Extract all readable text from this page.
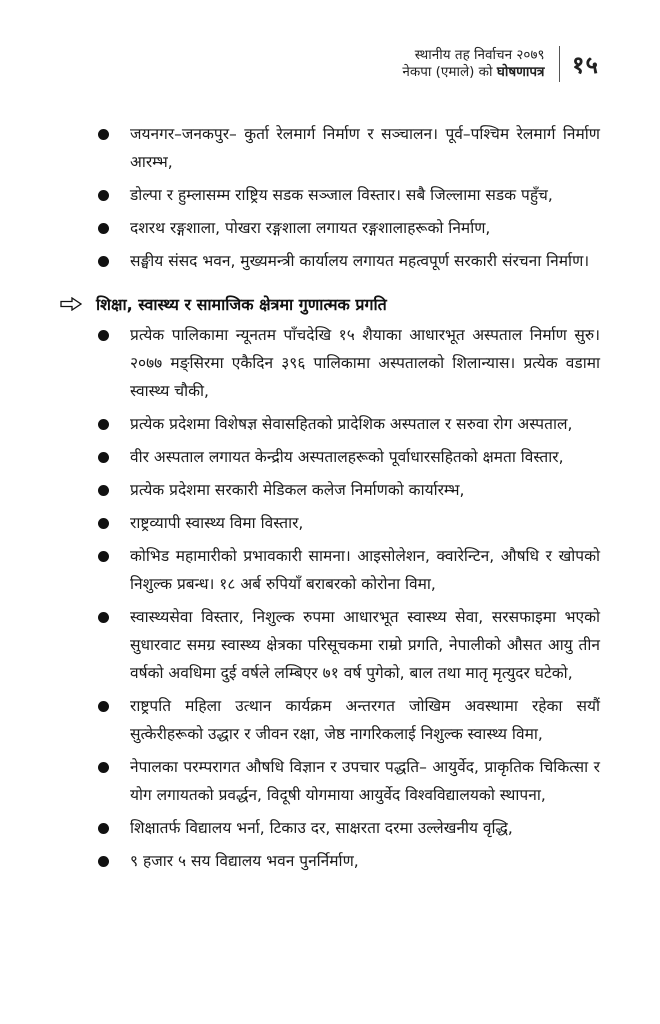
स्थानीय तह निर्वाचन २०७९
नेकपा (एमाले) को घोषणापत्र १५
जयनगर–जनकपुर– कुर्ता रेलमार्ग निर्माण र सञ्चालन। पूर्व–पश्चिम रेलमार्ग निर्माण आरम्भ,
डोल्पा र हुम्लासम्म राष्ट्रिय सडक सञ्जाल विस्तार। सबै जिल्लामा सडक पहुँच,
दशरथ रङ्गशाला, पोखरा रङ्गशाला लगायत रङ्गशालाहरूको निर्माण,
सङ्घीय संसद भवन, मुख्यमन्त्री कार्यालय लगायत महत्वपूर्ण सरकारी संरचना निर्माण।
शिक्षा, स्वास्थ्य र सामाजिक क्षेत्रमा गुणात्मक प्रगति
प्रत्येक पालिकामा न्यूनतम पाँचदेखि १५ शैयाका आधारभूत अस्पताल निर्माण सुरु। २०७७ मङ्सिरमा एकैदिन ३९६ पालिकामा अस्पतालको शिलान्यास। प्रत्येक वडामा स्वास्थ्य चौकी,
प्रत्येक प्रदेशमा विशेषज्ञ सेवासहितको प्रादेशिक अस्पताल र सरुवा रोग अस्पताल,
वीर अस्पताल लगायत केन्द्रीय अस्पतालहरूको पूर्वाधारसहितको क्षमता विस्तार,
प्रत्येक प्रदेशमा सरकारी मेडिकल कलेज निर्माणको कार्यारम्भ,
राष्ट्रव्यापी स्वास्थ्य विमा विस्तार,
कोभिड महामारीको प्रभावकारी सामना। आइसोलेशन, क्वारेन्टिन, औषधि र खोपको निशुल्क प्रबन्ध। १८ अर्ब रुपियाँ बराबरको कोरोना विमा,
स्वास्थ्यसेवा विस्तार, निशुल्क रुपमा आधारभूत स्वास्थ्य सेवा, सरसफाइमा भएको सुधारवाट समग्र स्वास्थ्य क्षेत्रका परिसूचकमा राम्रो प्रगति, नेपालीको औसत आयु तीन वर्षको अवधिमा दुई वर्षले लम्बिएर ७१ वर्ष पुगेको, बाल तथा मातृ मृत्युदर घटेको,
राष्ट्रपति महिला उत्थान कार्यक्रम अन्तरगत जोखिम अवस्थामा रहेका सयौं सुत्केरीहरूको उद्धार र जीवन रक्षा, जेष्ठ नागरिकलाई निशुल्क स्वास्थ्य विमा,
नेपालका परम्परागत औषधि विज्ञान र उपचार पद्धति– आयुर्वेद, प्राकृतिक चिकित्सा र योग लगायतको प्रवर्द्धन, विदूषी योगमाया आयुर्वेद विश्वविद्यालयको स्थापना,
शिक्षातर्फ विद्यालय भर्ना, टिकाउ दर, साक्षरता दरमा उल्लेखनीय वृद्धि,
९ हजार ५ सय विद्यालय भवन पुनर्निर्माण,
